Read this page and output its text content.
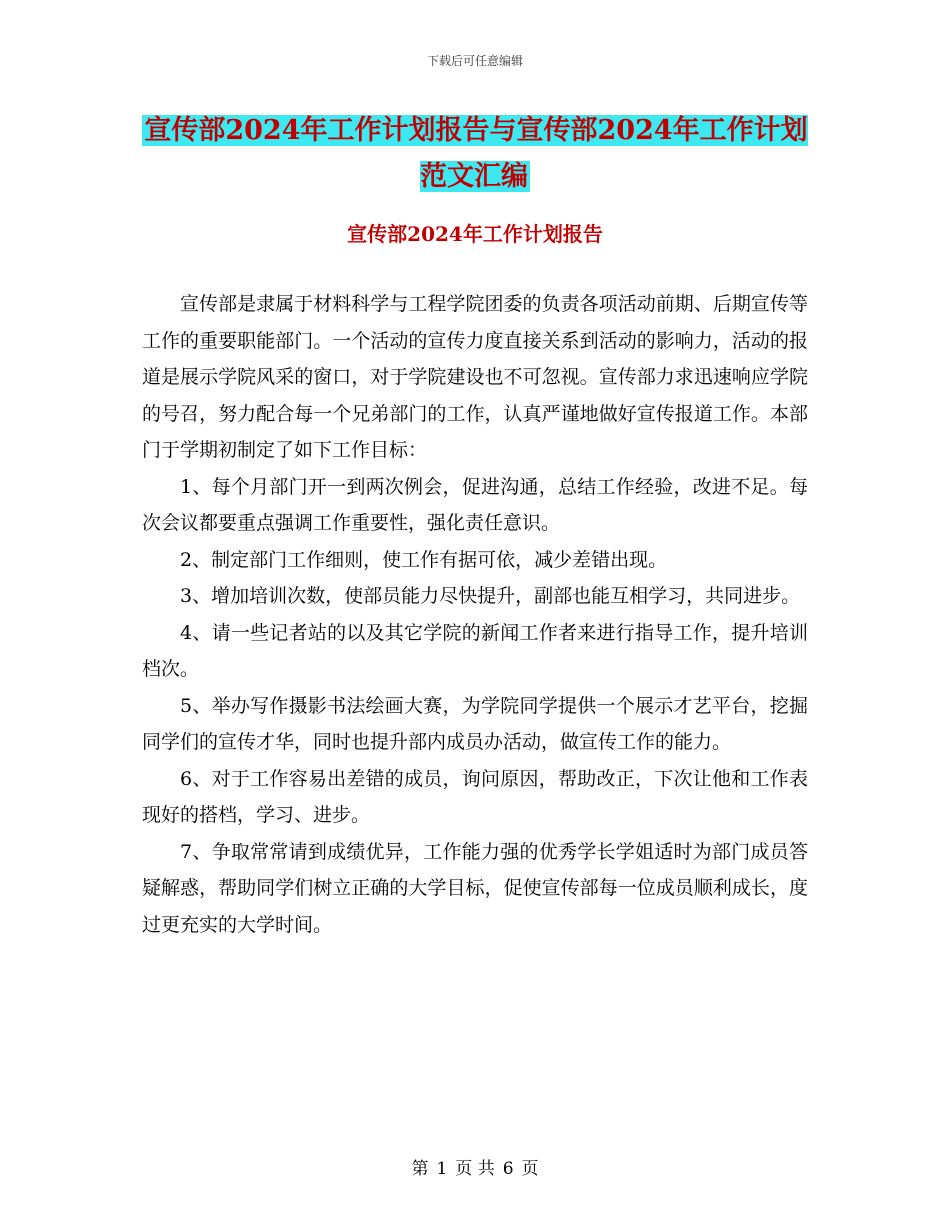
下载后可任意编辑
宣传部2024年工作计划报告与宣传部2024年工作计划范文汇编
宣传部2024年工作计划报告

宣传部是隶属于材料科学与工程学院团委的负责各项活动前期、后期宣传等工作的重要职能部门。一个活动的宣传力度直接关系到活动的影响力，活动的报道是展示学院风采的窗口，对于学院建设也不可忽视。宣传部力求迅速响应学院的号召，努力配合每一个兄弟部门的工作，认真严谨地做好宣传报道工作。本部门于学期初制定了如下工作目标：

1、每个月部门开一到两次例会，促进沟通，总结工作经验，改进不足。每次会议都要重点强调工作重要性，强化责任意识。

2、制定部门工作细则，使工作有据可依，减少差错出现。

3、增加培训次数，使部员能力尽快提升，副部也能互相学习，共同进步。

4、请一些记者站的以及其它学院的新闻工作者来进行指导工作，提升培训档次。

5、举办写作摄影书法绘画大赛，为学院同学提供一个展示才艺平台，挖掘同学们的宣传才华，同时也提升部内成员办活动，做宣传工作的能力。

6、对于工作容易出差错的成员，询问原因，帮助改正，下次让他和工作表现好的搭档，学习、进步。

7、争取常常请到成绩优异，工作能力强的优秀学长学姐适时为部门成员答疑解惑，帮助同学们树立正确的大学目标，促使宣传部每一位成员顺利成长，度过更充实的大学时间。

第 1 页 共 6 页
